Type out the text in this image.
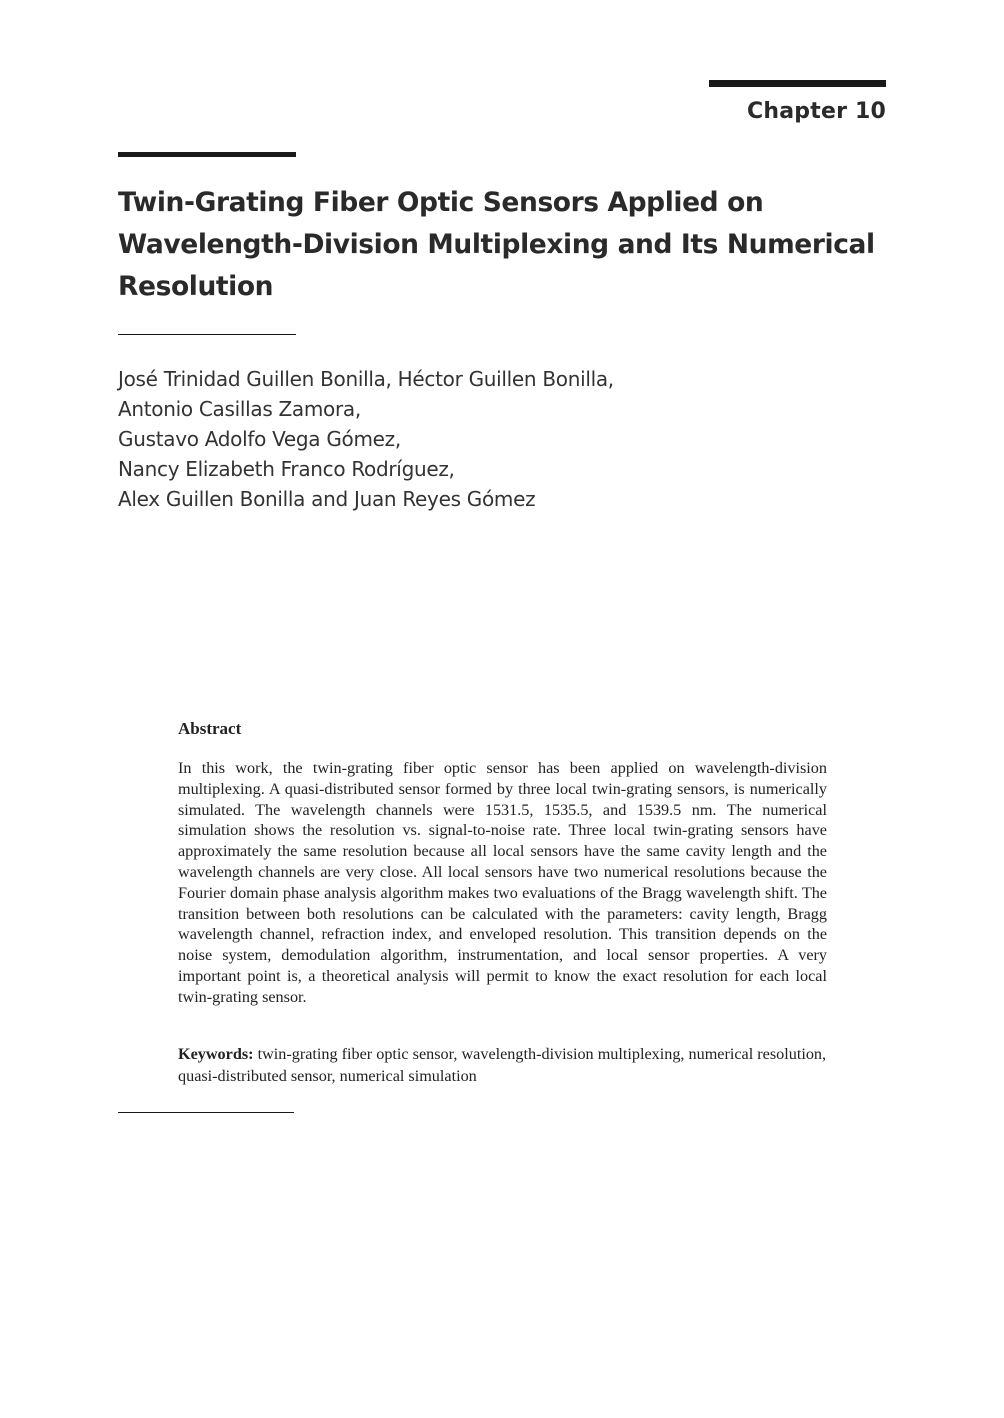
Chapter 10
Twin-Grating Fiber Optic Sensors Applied on
Wavelength-Division Multiplexing and Its Numerical
Resolution
José Trinidad Guillen Bonilla, Héctor Guillen Bonilla,
Antonio Casillas Zamora,
Gustavo Adolfo Vega Gómez,
Nancy Elizabeth Franco Rodríguez,
Alex Guillen Bonilla and Juan Reyes Gómez
Abstract

In this work, the twin-grating fiber optic sensor has been applied on wavelength-division multiplexing. A quasi-distributed sensor formed by three local twin-grating sensors, is numerically simulated. The wavelength channels were 1531.5, 1535.5, and 1539.5 nm. The numerical simulation shows the resolution vs. signal-to-noise rate. Three local twin-grating sensors have approximately the same resolution because all local sensors have the same cavity length and the wavelength channels are very close. All local sensors have two numerical resolutions because the Fourier domain phase analysis algorithm makes two evaluations of the Bragg wavelength shift. The transition between both resolutions can be calculated with the parameters: cavity length, Bragg wavelength channel, refraction index, and enveloped resolution. This transition depends on the noise system, demodulation algorithm, instrumentation, and local sensor properties. A very important point is, a theoretical analysis will permit to know the exact resolution for each local twin-grating sensor.

Keywords: twin-grating fiber optic sensor, wavelength-division multiplexing, numerical resolution, quasi-distributed sensor, numerical simulation
